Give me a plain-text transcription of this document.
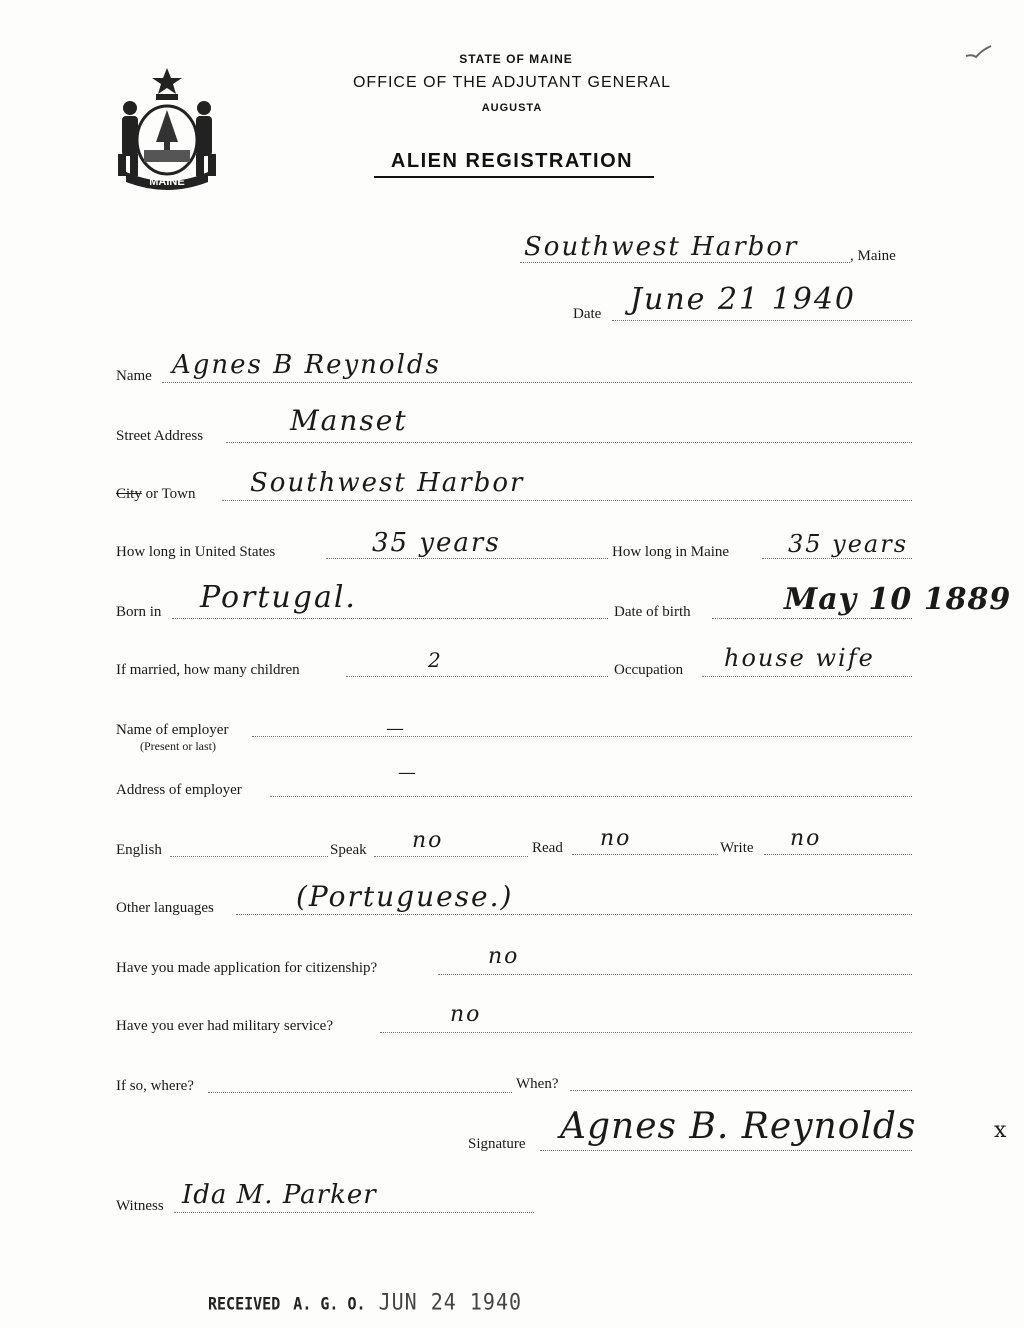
STATE OF MAINE
OFFICE OF THE ADJUTANT GENERAL
AUGUSTA
ALIEN REGISTRATION
MAINE
Southwest Harbor	, Maine
Date June 21 1940
Name Agnes B Reynolds
Street Address	Manset
City or Town Southwest Harbor
How long in United States	35 years	How long in Maine 35 years
Born in Portugal.	Date of birth	May 10 1889
If married, how many children	2	Occupation house wife
Name of employer
(Present or last)
—
Address of employer
—
English	Speak no	Read no	Write no
Other languages	(Portuguese.)
Have you made application for citizenship?	no
Have you ever had military service?	no
If so, where?	When?
Signature Agnes B. Reynolds	x
Witness Ida M. Parker
RECEIVED A. G. O. JUN 24 1940
